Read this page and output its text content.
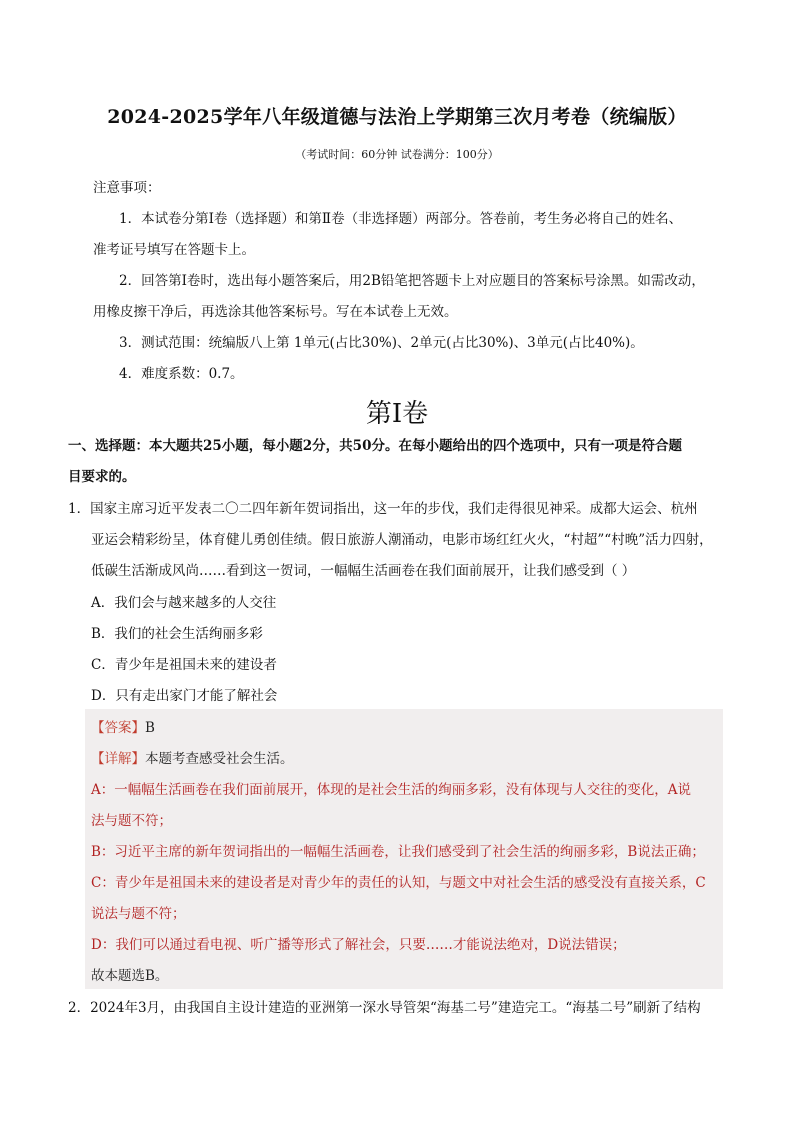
2024-2025学年八年级道德与法治上学期第三次月考卷（统编版）
（考试时间：60分钟 试卷满分：100分）
注意事项：
1．本试卷分第Ⅰ卷（选择题）和第Ⅱ卷（非选择题）两部分。答卷前，考生务必将自己的姓名、
准考证号填写在答题卡上。
2．回答第Ⅰ卷时，选出每小题答案后，用2B铅笔把答题卡上对应题目的答案标号涂黑。如需改动，
用橡皮擦干净后，再选涂其他答案标号。写在本试卷上无效。
3．测试范围：统编版八上第 1单元(占比30%)、2单元(占比30%)、3单元(占比40%)。
4．难度系数：0.7。
第Ⅰ卷
一、选择题：本大题共25小题，每小题2分，共50分。在每小题给出的四个选项中，只有一项是符合题
目要求的。
1．国家主席习近平发表二〇二四年新年贺词指出，这一年的步伐，我们走得很见神采。成都大运会、杭州
亚运会精彩纷呈，体育健儿勇创佳绩。假日旅游人潮涌动，电影市场红红火火，“村超”“村晚”活力四射，
低碳生活渐成风尚……看到这一贺词，一幅幅生活画卷在我们面前展开，让我们感受到（ ）
A．我们会与越来越多的人交往
B．我们的社会生活绚丽多彩
C．青少年是祖国未来的建设者
D．只有走出家门才能了解社会
【答案】B
【详解】本题考查感受社会生活。
A：一幅幅生活画卷在我们面前展开，体现的是社会生活的绚丽多彩，没有体现与人交往的变化，A说
法与题不符；
B：习近平主席的新年贺词指出的一幅幅生活画卷，让我们感受到了社会生活的绚丽多彩，B说法正确；
C：青少年是祖国未来的建设者是对青少年的责任的认知，与题文中对社会生活的感受没有直接关系，C
说法与题不符；
D：我们可以通过看电视、听广播等形式了解社会，只要……才能说法绝对，D说法错误；
故本题选B。
2．2024年3月，由我国自主设计建造的亚洲第一深水导管架“海基二号”建造完工。“海基二号”刷新了结构
